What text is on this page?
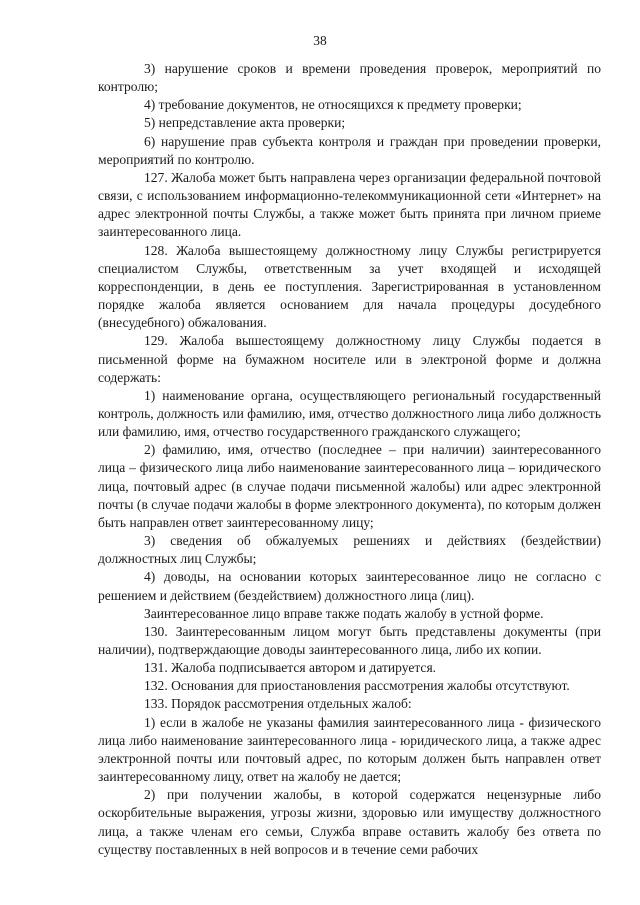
38

3) нарушение сроков и времени проведения проверок, мероприятий по контролю;

4) требование документов, не относящихся к предмету проверки;

5) непредставление акта проверки;

6) нарушение прав субъекта контроля и граждан при проведении проверки, мероприятий по контролю.

127. Жалоба может быть направлена через организации федеральной почтовой связи, с использованием информационно-телекоммуникационной сети «Интернет» на адрес электронной почты Службы, а также может быть принята при личном приеме заинтересованного лица.

128. Жалоба вышестоящему должностному лицу Службы регистрируется специалистом Службы, ответственным за учет входящей и исходящей корреспонденции, в день ее поступления. Зарегистрированная в установленном порядке жалоба является основанием для начала процедуры досудебного (внесудебного) обжалования.

129. Жалоба вышестоящему должностному лицу Службы подается в письменной форме на бумажном носителе или в электроной форме и должна содержать:

1) наименование органа, осуществляющего региональный государственный контроль, должность или фамилию, имя, отчество должностного лица либо должность или фамилию, имя, отчество государственного гражданского служащего;

2) фамилию, имя, отчество (последнее – при наличии) заинтересованного лица – физического лица либо наименование заинтересованного лица – юридического лица, почтовый адрес (в случае подачи письменной жалобы) или адрес электронной почты (в случае подачи жалобы в форме электронного документа), по которым должен быть направлен ответ заинтересованному лицу;

3) сведения об обжалуемых решениях и действиях (бездействии) должностных лиц Службы;

4) доводы, на основании которых заинтересованное лицо не согласно с решением и действием (бездействием) должностного лица (лиц).

Заинтересованное лицо вправе также подать жалобу в устной форме.

130. Заинтересованным лицом могут быть представлены документы (при наличии), подтверждающие доводы заинтересованного лица, либо их копии.

131. Жалоба подписывается автором и датируется.

132. Основания для приостановления рассмотрения жалобы отсутствуют.

133. Порядок рассмотрения отдельных жалоб:

1) если в жалобе не указаны фамилия заинтересованного лица - физического лица либо наименование заинтересованного лица - юридического лица, а также адрес электронной почты или почтовый адрес, по которым должен быть направлен ответ заинтересованному лицу, ответ на жалобу не дается;

2) при получении жалобы, в которой содержатся нецензурные либо оскорбительные выражения, угрозы жизни, здоровью или имуществу должностного лица, а также членам его семьи, Служба вправе оставить жалобу без ответа по существу поставленных в ней вопросов и в течение семи рабочих
